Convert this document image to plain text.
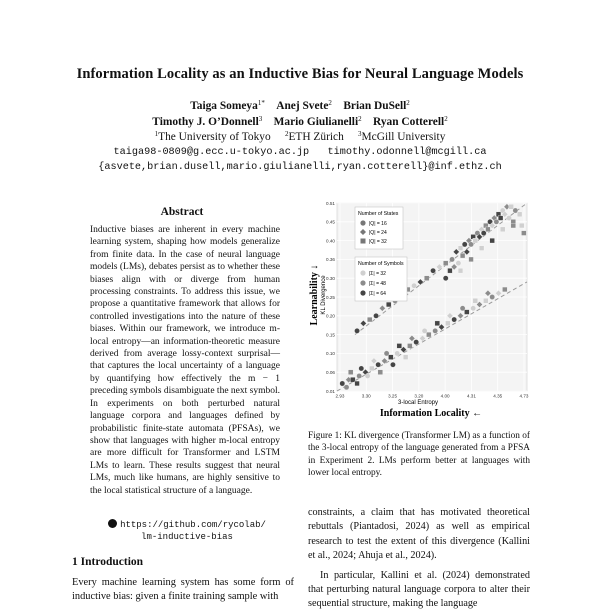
Information Locality as an Inductive Bias for Neural Language Models
Taiga Someya$^{1*}$ Anej Svete$^2$ Brian DuSell$^2$
Timothy J. O’Donnell$^3$ Mario Giulianelli$^2$ Ryan Cotterell$^2$
$^1$The University of Tokyo $^2$ETH Zürich $^3$McGill University
taiga98-0809@g.ecc.u-tokyo.ac.jp timothy.odonnell@mcgill.ca
{asvete,brian.dusell,mario.giulianelli,ryan.cotterell}@inf.ethz.ch
Abstract
Inductive biases are inherent in every machine learning system, shaping how models generalize from finite data. In the case of neural language models (LMs), debates persist as to whether these biases align with or diverge from human processing constraints. To address this issue, we propose a quantitative framework that allows for controlled investigations into the nature of these biases. Within our framework, we introduce m-local entropy—an information-theoretic measure derived from average lossy-context surprisal—that captures the local uncertainty of a language by quantifying how effectively the m − 1 preceding symbols disambiguate the next symbol. In experiments on both perturbed natural language corpora and languages defined by probabilistic finite-state automata (PFSAs), we show that languages with higher m-local entropy are more difficult for Transformer and LSTM LMs to learn. These results suggest that neural LMs, much like humans, are highly sensitive to the local statistical structure of a language.
https://github.com/rycolab/
lm-inductive-bias
1 Introduction
Every machine learning system has some form of inductive bias: given a finite training sample with
0.51
0.45
0.40
0.36
0.30
0.25
0.20
0.15
0.10
0.06
0.01
2.93	3.30	3.25	3.20	4.00	4.31	4.35	4.73
Number of States
|Q| = 16
|Q| = 24
|Q| = 32
Number of Symbols
|Σ| = 32
|Σ| = 48
|Σ| = 64
3-local Entropy
Information Locality ←
KL Divergence
Learnability ↓
Figure 1: KL divergence (Transformer LM) as a function of the 3-local entropy of the language generated from a PFSA in Experiment 2. LMs perform better at languages with lower local entropy.

constraints, a claim that has motivated theoretical rebuttals (Piantadosi, 2024) as well as empirical research to test the extent of this divergence (Kallini et al., 2024; Ahuja et al., 2024).

In particular, Kallini et al. (2024) demonstrated that perturbing natural language corpora to alter their sequential structure, making the language
